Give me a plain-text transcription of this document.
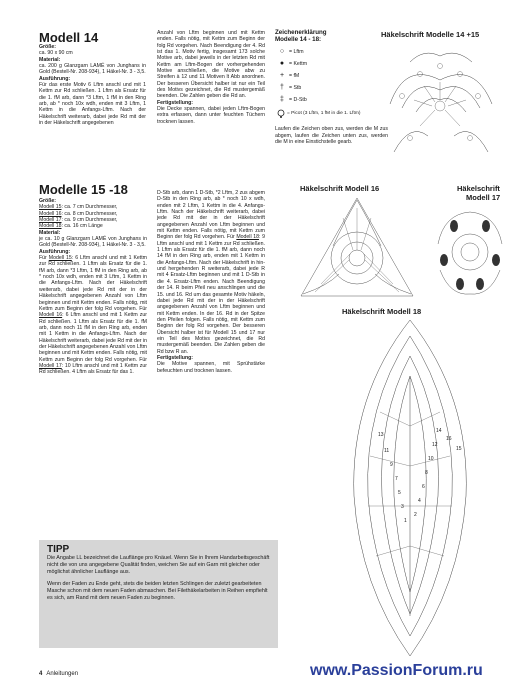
Modell 14

Größe:

ca. 90 x 90 cm

Material:

ca. 200 g Glanzgarn LAMÉ von Junghans in Gold (Bestell-Nr. 208-934), 1 Häkel-Nr. 3 - 3,5.

Ausführung:

Für das erste Motiv 6 Lftm anschl und mit 1 Kettm zur Rd schließen. 1 Lftm als Ersatz für die 1. fM arb, dann *3 Lftm, 1 fM in den Ring arb, ab * noch 10x wdh, enden mit 3 Lftm, 1 Kettm in die Anfangs-Lftm. Nach der Häkelschrift weiterarb, dabei jede Rd mit der in der Häkelschrift angegebenen

Anzahl von Lftm beginnen und mit Kettm enden. Falls nötig, mit Kettm zum Beginn der folg Rd vorgehen. Nach Beendigung der 4. Rd ist das 1. Motiv fertig, insgesamt 173 solche Motive arb, dabei jeweils in der letzten Rd mit Kettm am Lftm-Bogen der vorhergehenden Motive anschließen, die Motive abw zu Streifen à 12 und 11 Motiven lt Abb anordnen. Der besseren Übersicht halber ist nur ein Teil des Motivs gezeichnet, die Rd mustergemäß beenden. Die Zahlen geben die Rd an.

Fertigstellung:

Die Decke spannen, dabei jeden Lftm-Bogen extra erfassen, dann unter feuchten Tüchern trocknen lassen.

Zeichenerklärung
Modelle 14 - 18:
○ = Lftm
● = Kettm
+ = fM
† = Stb
‡ = D-Stb
= Picot (3 Lftm, 1 fM in die 1. Lftm)

Laufen die Zeichen oben zus, werden die M zus abgem, laufen die Zeichen unten zus, werden die M in eine Einstichstelle gearb.

Häkelschrift Modelle 14 +15
Häkelschrift Modell 16	Häkelschrift
Modell 17
Häkelschrift Modell 18
Modelle 15 -18

Größe:

Modell 15: ca. 7 cm Durchmesser,

Modell 16: ca. 8 cm Durchmesser,

Modell 17: ca. 9 cm Durchmesser,

Modell 18: ca. 16 cm Länge

Material:

je ca. 10 g Glanzgarn LAMÉ von Junghans in Gold (Bestell-Nr. 208-934), 1 Häkel-Nr. 3 - 3,5.

Ausführung:

Für Modell 15: 6 Lftm anschl und mit 1 Kettm zur Rd schließen. 1 Lftm als Ersatz für die 1. fM arb, dann *3 Lftm, 1 fM in den Ring arb, ab * noch 10x wdh, enden mit 3 Lftm, 1 Kettm in die Anfangs-Lftm. Nach der Häkelschrift weiterarb, dabei jede Rd mit der in der Häkelschrift angegebenen Anzahl von Lftm beginnen und mit Kettm enden. Falls nötig, mit Kettm zum Beginn der folg Rd vorgehen. Für Modell 16: 6 Lftm anschl und mit 1 Kettm zur Rd schließen. 1 Lftm als Ersatz für die 1. fM arb, dann noch 11 fM in den Ring arb, enden mit 1 Kettm in die Anfangs-Lftm. Nach der Häkelschrift weiterarb, dabei jede Rd mit der in der Häkelschrift angegebenen Anzahl von Lftm beginnen und mit Kettm enden. Falls nötig, mit Kettm zum Beginn der folg Rd vorgehen. Für Modell 17: 10 Lftm anschl und mit 1 Kettm zur Rd schließen. 4 Lftm als Ersatz für das 1.

D-Stb arb, dann 1 D-Stb, *2 Lftm, 2 zus abgem D-Stb in den Ring arb, ab * noch 10 x wdh, enden mit 2 Lftm, 1 Kettm in die 4. Anfangs-Lftm. Nach der Häkelschrift weiterarb, dabei jede Rd mit der in der Häkelschrift angegebenen Anzahl von Lftm beginnen und mit Kettm enden. Falls nötig, mit Kettm zum Beginn der folg Rd vorgehen. Für Modell 18: 9 Lftm anschl und mit 1 Kettm zur Rd schließen. 1 Lftm als Ersatz für die 1. fM arb, dann noch 14 fM in den Ring arb, enden mit 1 Kettm in die Anfangs-Lftm. Nach der Häkelschrift in hin- und hergehenden R weiterarb, dabei jede R mit 4 Ersatz-Lftm beginnen und mit 1 D-Stb in die 4. Ersatz-Lftm enden. Nach Beendigung der 14. R beim Pfeil neu anschlingen und die 15. und 16. Rd um das gesamte Motiv häkeln, dabei jede Rd mit der in der Häkelschrift angegebenen Anzahl von Lftm beginnen und mit Kettm enden. In der 16. Rd in der Spitze den Pfeilen folgen. Falls nötig, mit Kettm zum Beginn der folg Rd vorgehen. Der besseren Übersicht halber ist für Modell 15 und 17 nur ein Teil des Motivs gezeichnet, die Rd mustergemäß beenden. Die Zahlen geben die Rd bzw R an.

Fertigstellung:

Die Motive spannen, mit Sprühstärke befeuchten und trocknen lassen.

13
11
9
7
5
3
1
2
4
6
8
10
12
14
16
15
TIPP

Die Angabe LL bezeichnet die Lauflänge pro Knäuel. Wenn Sie in Ihrem Handarbeitsgeschäft nicht die von uns angegebene Qualität finden, weichen Sie auf ein Garn mit gleicher oder möglichst ähnlicher Lauflänge aus.

Wenn der Faden zu Ende geht, stets die beiden letzten Schlingen der zuletzt gearbeiteten Masche schon mit dem neuen Faden abmaschen. Bei Filethäkelarbeiten in Reihen empfiehlt es sich, am Rand mit dem neuen Faden zu beginnen.

4 Anleitungen	www.PassionForum.ru
